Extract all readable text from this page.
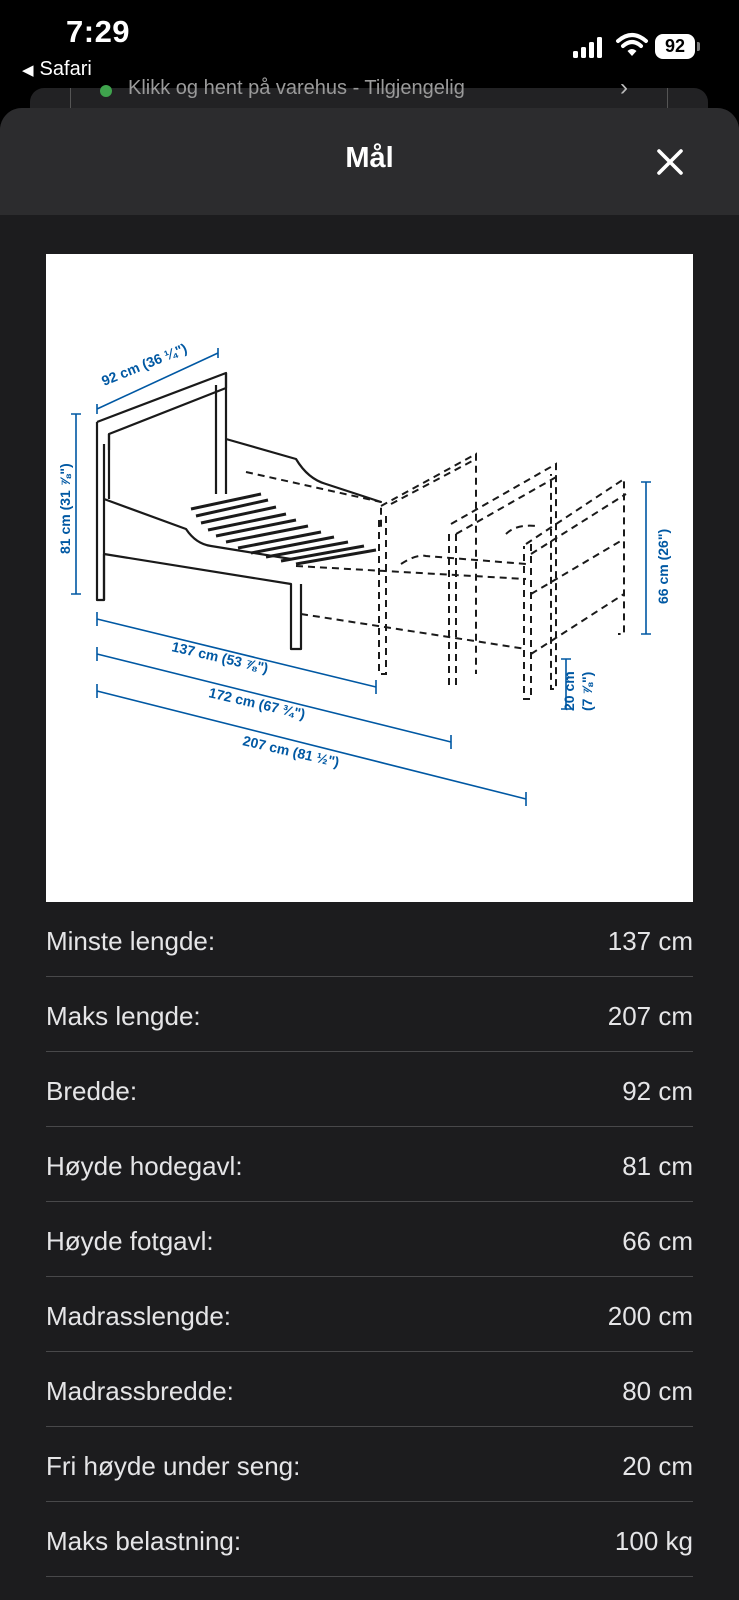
7:29
◀ Safari
92
Klikk og hent på varehus - Tilgjengelig	›
Mål
92 cm (36 ¼")
81 cm (31 ⅞")
66 cm (26")
20 cm (7 ⅞")
137 cm (53 ⅞")
172 cm (67 ¾")
207 cm (81 ½")
Minste lengde:	137 cm
Maks lengde:	207 cm
Bredde:	92 cm
Høyde hodegavl:	81 cm
Høyde fotgavl:	66 cm
Madrasslengde:	200 cm
Madrassbredde:	80 cm
Fri høyde under seng:	20 cm
Maks belastning:	100 kg
